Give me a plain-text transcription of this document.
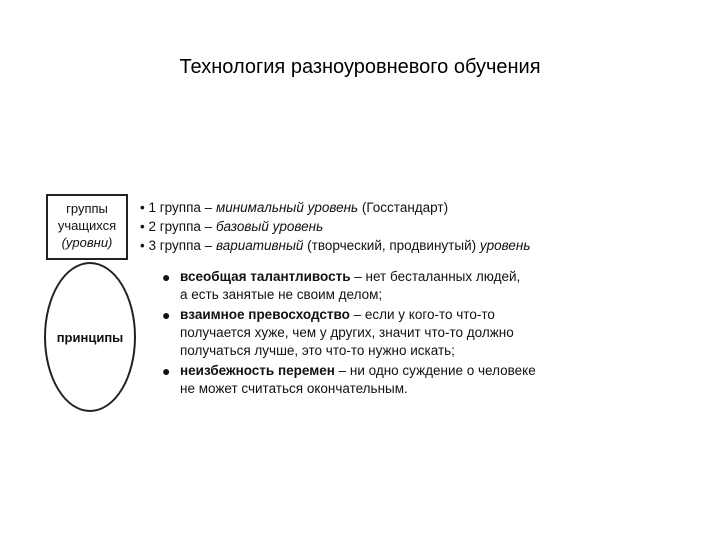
Технология разноуровневого обучения
группы
учащихся
(уровни)
принципы
• 1 группа – минимальный уровень (Госстандарт)
• 2 группа – базовый уровень
• 3 группа – вариативный (творческий, продвинутый) уровень
● всеобщая талантливость – нет бесталанных людей,
а есть занятые не своим делом;
● взаимное превосходство – если у кого-то что-то
получается хуже, чем у других, значит что-то должно
получаться лучше, это что-то нужно искать;
● неизбежность перемен – ни одно суждение о человеке
не может считаться окончательным.
